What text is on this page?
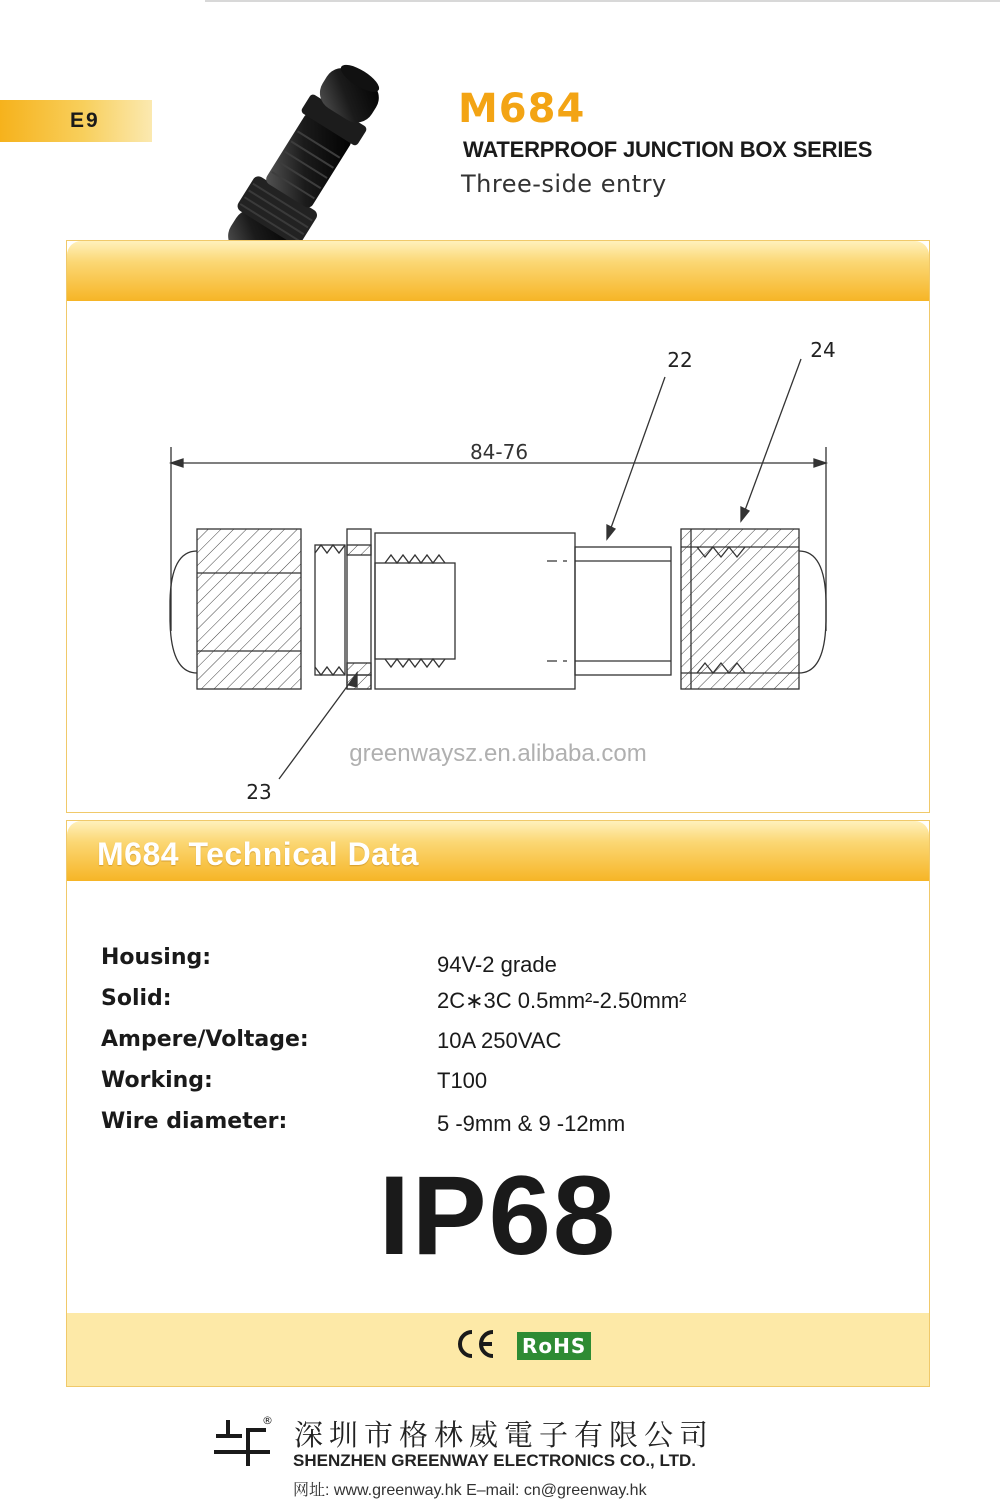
E9	M684
WATERPROOF JUNCTION BOX SERIES
Three-side entry
84-76
22	24
23
greenwaysz.en.alibaba.com
M684 Technical Data
Housing:	94V-2 grade
Solid:	2C∗3C 0.5mm²-2.50mm²
Ampere/Voltage:	10A 250VAC
Working:	T100
Wire diameter:	5 -9mm & 9 -12mm
IP68
RoHS
® 深圳市格林威電子有限公司
SHENZHEN GREENWAY ELECTRONICS CO., LTD.
网址: www.greenway.hk E–mail: cn@greenway.hk
